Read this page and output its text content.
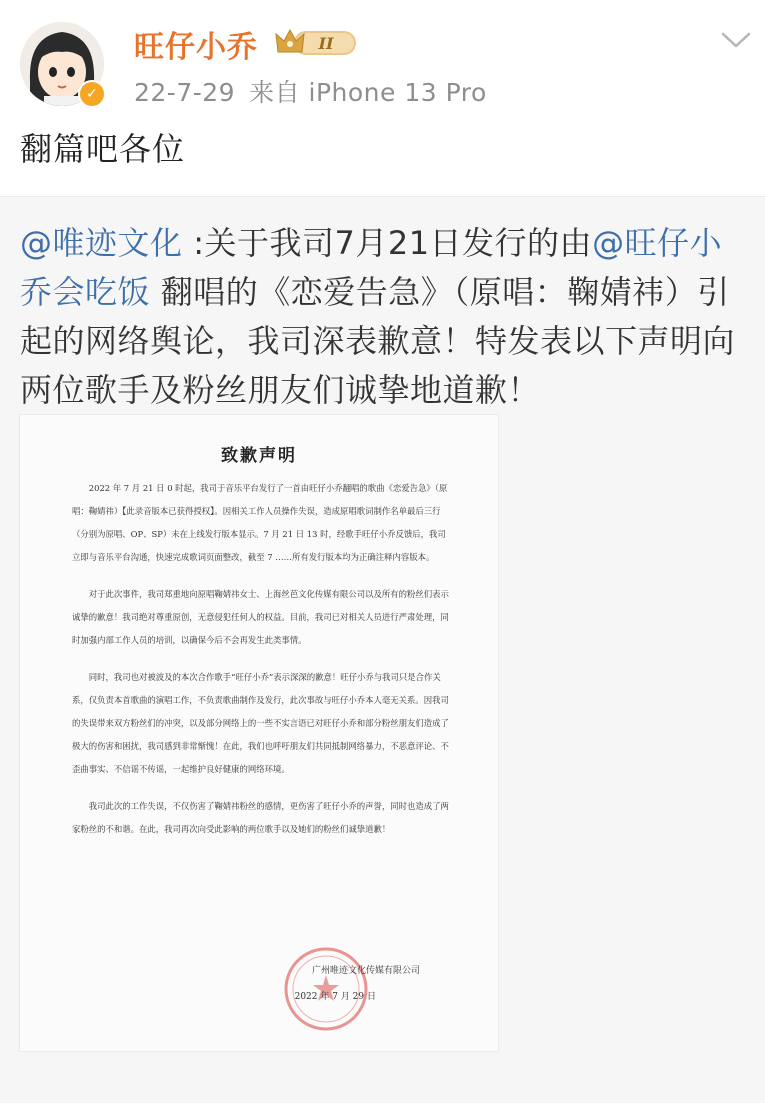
✓
旺仔小乔	II
22-7-29 来自 iPhone 13 Pro
翻篇吧各位
@唯迹文化 :关于我司7月21日发行的由@旺仔小乔会吃饭 翻唱的《恋爱告急》（原唱：鞠婧祎）引起的网络舆论，我司深表歉意！特发表以下声明向两位歌手及粉丝朋友们诚挚地道歉！
致歉声明

2022 年 7 月 21 日 0 时起，我司于音乐平台发行了一首由旺仔小乔翻唱的歌曲《恋爱告急》（原唱：鞠婧祎）【此录音版本已获得授权】。因相关工作人员操作失误，造成原唱歌词制作名单最后三行（分别为原唱、OP、SP）未在上线发行版本显示。7 月 21 日 13 时，经歌手旺仔小乔反馈后，我司立即与音乐平台沟通，快速完成歌词页面整改，截至 7 ……所有发行版本均为正确注释内容版本。

对于此次事件，我司郑重地向原唱鞠婧祎女士、上海丝芭文化传媒有限公司以及所有的粉丝们表示诚挚的歉意！我司绝对尊重原创，无意侵犯任何人的权益。目前，我司已对相关人员进行严肃处理，同时加强内部工作人员的培训，以确保今后不会再发生此类事情。

同时，我司也对被波及的本次合作歌手“旺仔小乔”表示深深的歉意！旺仔小乔与我司只是合作关系，仅负责本首歌曲的演唱工作，不负责歌曲制作及发行，此次事故与旺仔小乔本人毫无关系。因我司的失误带来双方粉丝们的冲突，以及部分网络上的一些不实言语已对旺仔小乔和部分粉丝朋友们造成了极大的伤害和困扰，我司感到非常惭愧！在此，我们也呼吁朋友们共同抵制网络暴力，不恶意评论、不歪曲事实、不信谣不传谣，一起维护良好健康的网络环境。

我司此次的工作失误，不仅伤害了鞠婧祎粉丝的感情，更伤害了旺仔小乔的声誉，同时也造成了两家粉丝的不和谐。在此，我司再次向受此影响的两位歌手以及她们的粉丝们诚挚道歉！

广州唯迹文化传媒有限公司
2022 年 7 月 29 日
